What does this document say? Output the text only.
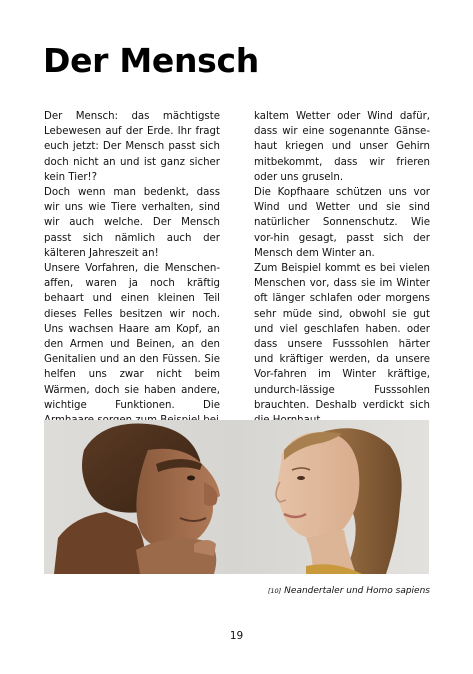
Der Mensch

Der Mensch: das mächtigste Lebewesen auf der Erde. Ihr fragt euch jetzt: Der Mensch passt sich doch nicht an und ist ganz sicher kein Tier!?

Doch wenn man bedenkt, dass wir uns wie Tiere verhalten, sind wir auch welche. Der Mensch passt sich nämlich auch der kälteren Jahreszeit an!

Unsere Vorfahren, die Menschen-affen, waren ja noch kräftig behaart und einen kleinen Teil dieses Felles besitzen wir noch. Uns wachsen Haare am Kopf, an den Armen und Beinen, an den Genitalien und an den Füssen. Sie helfen uns zwar nicht beim Wärmen, doch sie haben andere, wichtige Funktionen. Die

kaltem Wetter oder Wind dafür, dass wir eine sogenannte Gänse-haut kriegen und unser Gehirn mitbekommt, dass wir frieren oder uns gruseln.

Die Kopfhaare schützen uns vor Wind und Wetter und sie sind natürlicher Sonnenschutz. Wie vor-hin gesagt, passt sich der Mensch dem Winter an.

Zum Beispiel kommt es bei vielen Menschen vor, dass sie im Winter oft länger schlafen oder morgens sehr müde sind, obwohl sie gut und viel geschlafen haben. oder dass unsere Fusssohlen härter und kräftiger werden, da unsere Vor-fahren im Winter kräftige, undurch-lässige Fusssohlen brauchten. Deshalb verdickt sich

[10] Neandertaler und Homo sapiens
19
